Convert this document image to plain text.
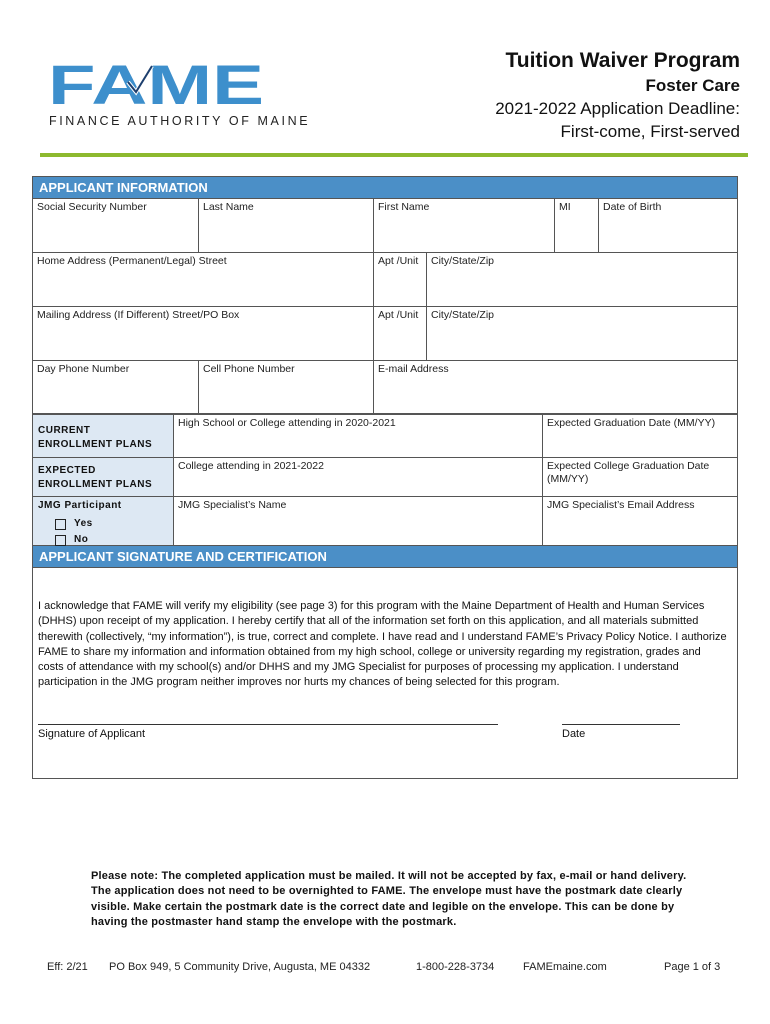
FAME
FINANCE AUTHORITY OF MAINE
Tuition Waiver Program
Foster Care
2021-2022 Application Deadline:
First-come, First-served
APPLICANT INFORMATION
Social Security Number	Last Name	First Name	MI	Date of Birth
Home Address (Permanent/Legal) Street	Apt /Unit	City/State/Zip
Mailing Address (If Different) Street/PO Box	Apt /Unit	City/State/Zip
Day Phone Number	Cell Phone Number	E-mail Address
CURRENT
ENROLLMENT PLANS
High School or College attending in 2020-2021	Expected Graduation Date (MM/YY)
EXPECTED
ENROLLMENT PLANS
College attending in 2021-2022	Expected College Graduation Date (MM/YY)
JMG Participant
Yes
No
JMG Specialist’s Name	JMG Specialist’s Email Address
APPLICANT SIGNATURE AND CERTIFICATION
I acknowledge that FAME will verify my eligibility (see page 3) for this program with the Maine Department of Health and Human Services (DHHS) upon receipt of my application. I hereby certify that all of the information set forth on this application, and all materials submitted therewith (collectively, “my information”), is true, correct and complete. I have read and I understand FAME’s Privacy Policy Notice. I authorize FAME to share my information and information obtained from my high school, college or university regarding my registration, grades and costs of attendance with my school(s) and/or DHHS and my JMG Specialist for purposes of processing my application. I understand participation in the JMG program neither improves nor hurts my chances of being selected for this program.
Signature of Applicant	Date
Please note: The completed application must be mailed. It will not be accepted by fax, e-mail or hand delivery. The application does not need to be overnighted to FAME. The envelope must have the postmark date clearly visible. Make certain the postmark date is the correct date and legible on the envelope. This can be done by having the postmaster hand stamp the envelope with the postmark.
Eff: 2/21 PO Box 949, 5 Community Drive, Augusta, ME 04332	1-800-228-3734	FAMEmaine.com	Page 1 of 3
